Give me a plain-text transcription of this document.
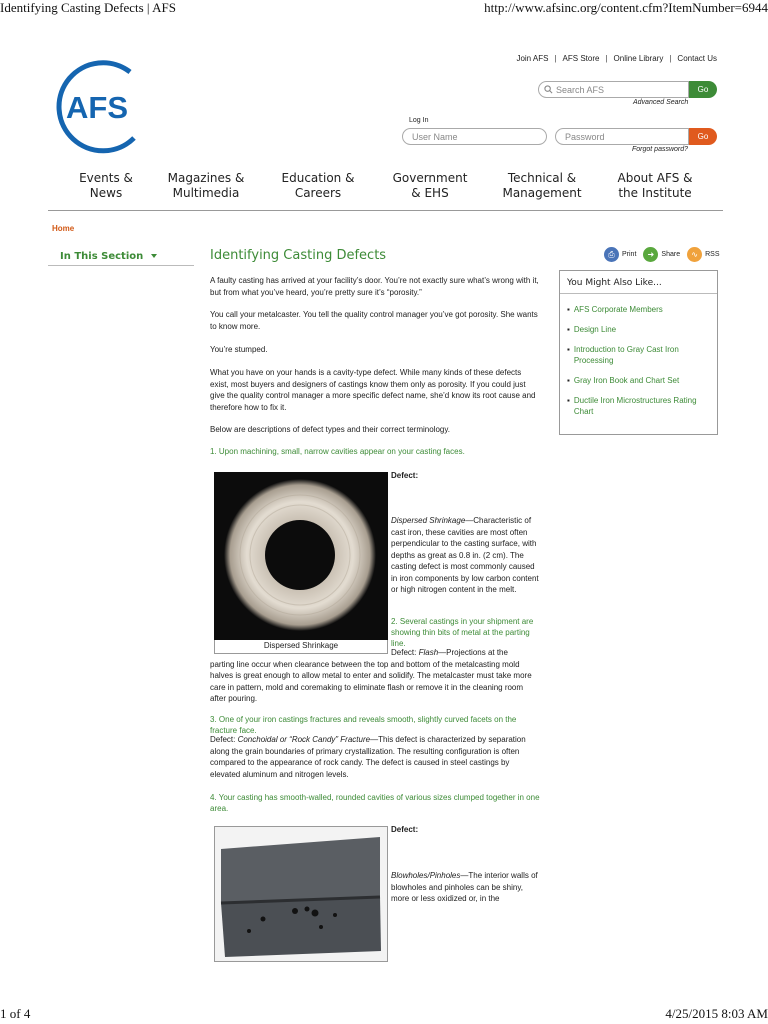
Identifying Casting Defects | AFS	http://www.afsinc.org/content.cfm?ItemNumber=6944
AFS
Join AFS | AFS Store | Online Library | Contact Us
Search AFS
Go
Advanced Search
Log In
User Name
Password
Go
Forgot password?
Events &
News
Magazines &
Multimedia
Education &
Careers
Government
& EHS
Technical &
Management
About AFS &
the Institute
Home
In This Section	Identifying Casting Defects	⎙	Print	➜	Share	∿	RSS
A faulty casting has arrived at your facility’s door. You’re not exactly sure what’s wrong with it, but from what you’ve heard, you’re pretty sure it’s “porosity.”
You call your metalcaster. You tell the quality control manager you’ve got porosity. She wants to know more.
You’re stumped.
What you have on your hands is a cavity-type defect. While many kinds of these defects exist, most buyers and designers of castings know them only as porosity. If you could just give the quality control manager a more specific defect name, she’d know its root cause and therefore how to fix it.
Below are descriptions of defect types and their correct terminology.
1. Upon machining, small, narrow cavities appear on your casting faces.
Dispersed Shrinkage
Defect:
Dispersed Shrinkage—Characteristic of cast iron, these cavities are most often perpendicular to the casting surface, with depths as great as 0.8 in. (2 cm). The casting defect is most commonly caused in iron components by low carbon content or high nitrogen content in the melt.
2. Several castings in your shipment are showing thin bits of metal at the parting line.
Defect: Flash—Projections at the
parting line occur when clearance between the top and bottom of the metalcasting mold halves is great enough to allow metal to enter and solidify. The metalcaster must take more care in pattern, mold and coremaking to eliminate flash or remove it in the cleaning room after pouring.
3. One of your iron castings fractures and reveals smooth, slightly curved facets on the fracture face.
Defect: Conchoidal or “Rock Candy” Fracture—This defect is characterized by separation along the grain boundaries of primary crystallization. The resulting configuration is often compared to the appearance of rock candy. The defect is caused in steel castings by elevated aluminum and nitrogen levels.
4. Your casting has smooth-walled, rounded cavities of various sizes clumped together in one area.
Defect:
Blowholes/Pinholes—The interior walls of blowholes and pinholes can be shiny, more or less oxidized or, in the
You Might Also Like...
▪ AFS Corporate Members
▪ Design Line
▪ Introduction to Gray Cast Iron Processing
▪ Gray Iron Book and Chart Set
▪ Ductile Iron Microstructures Rating Chart
1 of 4	4/25/2015 8:03 AM
